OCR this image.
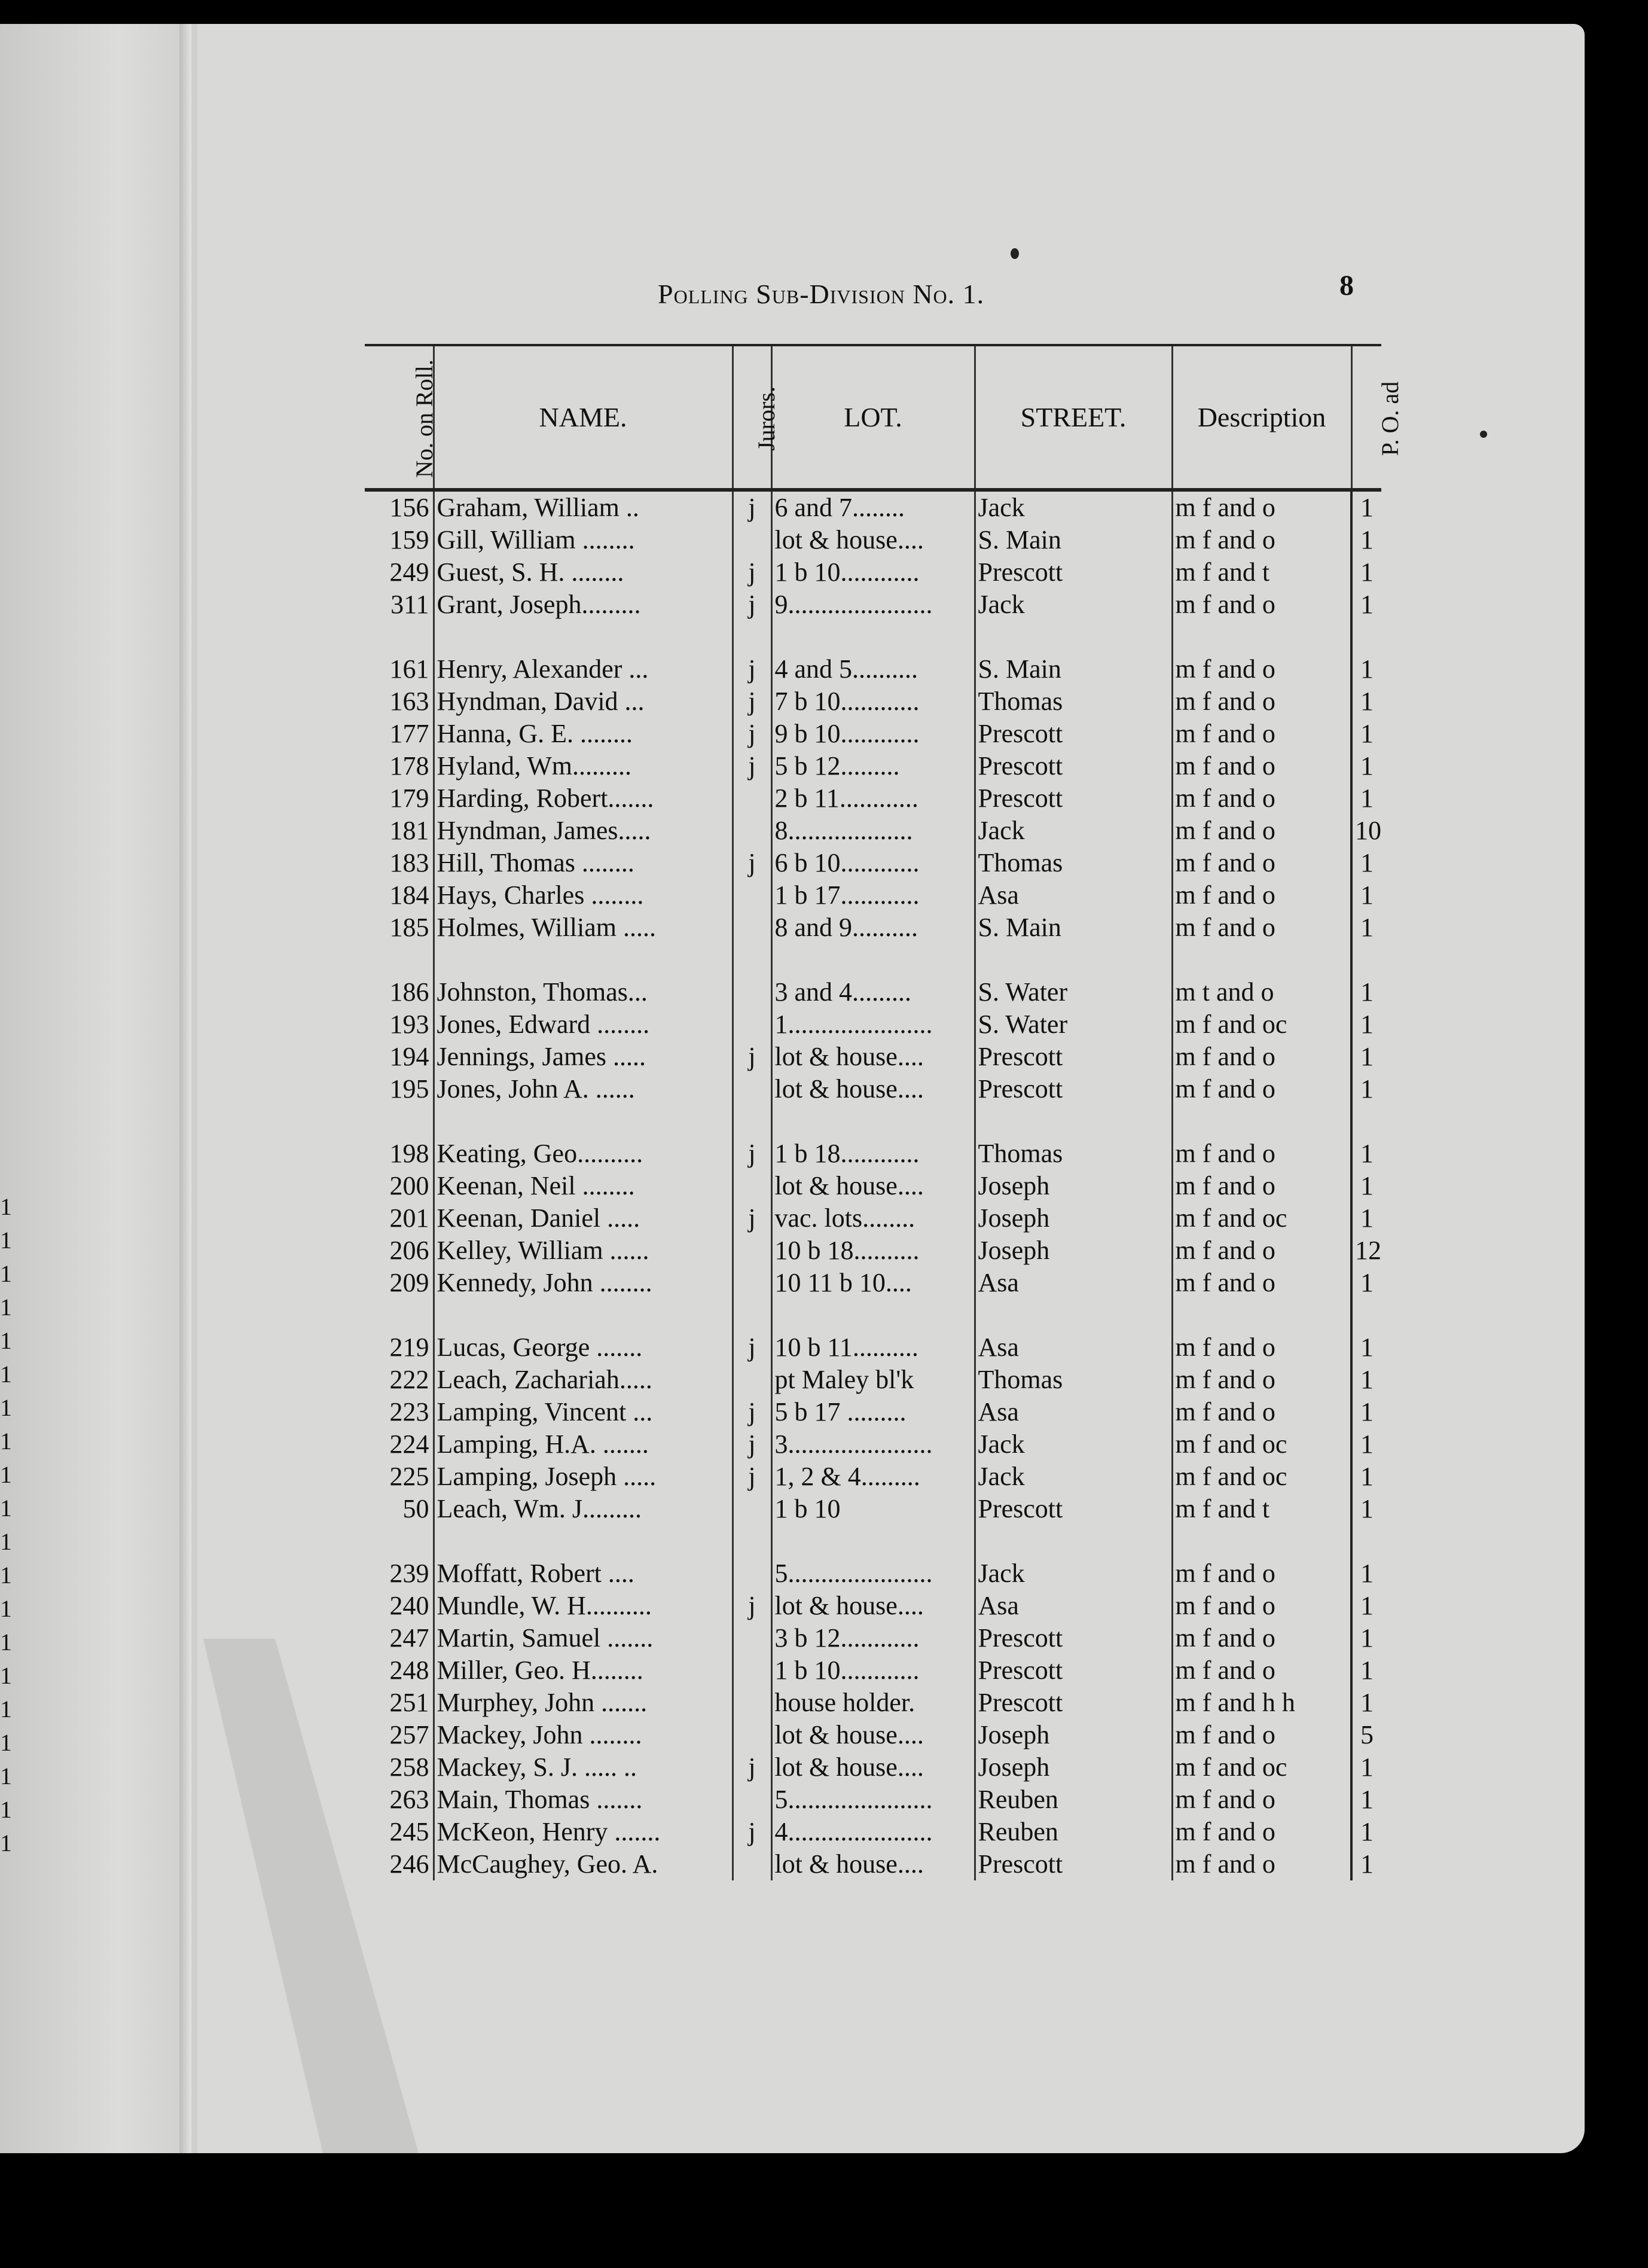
1
1
1
1
1
1
1
1
1
1
1
1
1
1
1
1
1
1
1
1
Polling Sub-Division No. 1.	8
No. on Roll.	NAME.	Jurors.	LOT.	STREET.	Description	P. O. ad
156	Graham, William ..	j	6 and 7........	Jack	m f and o	1
159	Gill, William ........		lot & house....	S. Main	m f and o	1
249	Guest, S. H. ........	j	1 b 10............	Prescott	m f and t	1
311	Grant, Joseph.........	j	9......................	Jack	m f and o	1
161	Henry, Alexander ...	j	4 and 5..........	S. Main	m f and o	1
163	Hyndman, David ...	j	7 b 10............	Thomas	m f and o	1
177	Hanna, G. E. ........	j	9 b 10............	Prescott	m f and o	1
178	Hyland, Wm.........	j	5 b 12.........	Prescott	m f and o	1
179	Harding, Robert.......		2 b 11............	Prescott	m f and o	1
181	Hyndman, James.....		8...................	Jack	m f and o	10
183	Hill, Thomas ........	j	6 b 10............	Thomas	m f and o	1
184	Hays, Charles ........		1 b 17............	Asa	m f and o	1
185	Holmes, William .....		8 and 9..........	S. Main	m f and o	1
186	Johnston, Thomas...		3 and 4.........	S. Water	m t and o	1
193	Jones, Edward ........		1......................	S. Water	m f and oc	1
194	Jennings, James .....	j	lot & house....	Prescott	m f and o	1
195	Jones, John A. ......		lot & house....	Prescott	m f and o	1
198	Keating, Geo..........	j	1 b 18............	Thomas	m f and o	1
200	Keenan, Neil ........		lot & house....	Joseph	m f and o	1
201	Keenan, Daniel .....	j	vac. lots........	Joseph	m f and oc	1
206	Kelley, William ......		10 b 18..........	Joseph	m f and o	12
209	Kennedy, John ........		10 11 b 10....	Asa	m f and o	1
219	Lucas, George .......	j	10 b 11..........	Asa	m f and o	1
222	Leach, Zachariah.....		pt Maley bl'k	Thomas	m f and o	1
223	Lamping, Vincent ...	j	5 b 17 .........	Asa	m f and o	1
224	Lamping, H.A. .......	j	3......................	Jack	m f and oc	1
225	Lamping, Joseph .....	j	1, 2 & 4.........	Jack	m f and oc	1
50	Leach, Wm. J.........		1 b 10	Prescott	m f and t	1
239	Moffatt, Robert ....		5......................	Jack	m f and o	1
240	Mundle, W. H..........	j	lot & house....	Asa	m f and o	1
247	Martin, Samuel .......		3 b 12............	Prescott	m f and o	1
248	Miller, Geo. H........		1 b 10............	Prescott	m f and o	1
251	Murphey, John .......		house holder.	Prescott	m f and h h	1
257	Mackey, John ........		lot & house....	Joseph	m f and o	5
258	Mackey, S. J. ..... ..	j	lot & house....	Joseph	m f and oc	1
263	Main, Thomas .......		5......................	Reuben	m f and o	1
245	McKeon, Henry .......	j	4......................	Reuben	m f and o	1
246	McCaughey, Geo. A.		lot & house....	Prescott	m f and o	1
